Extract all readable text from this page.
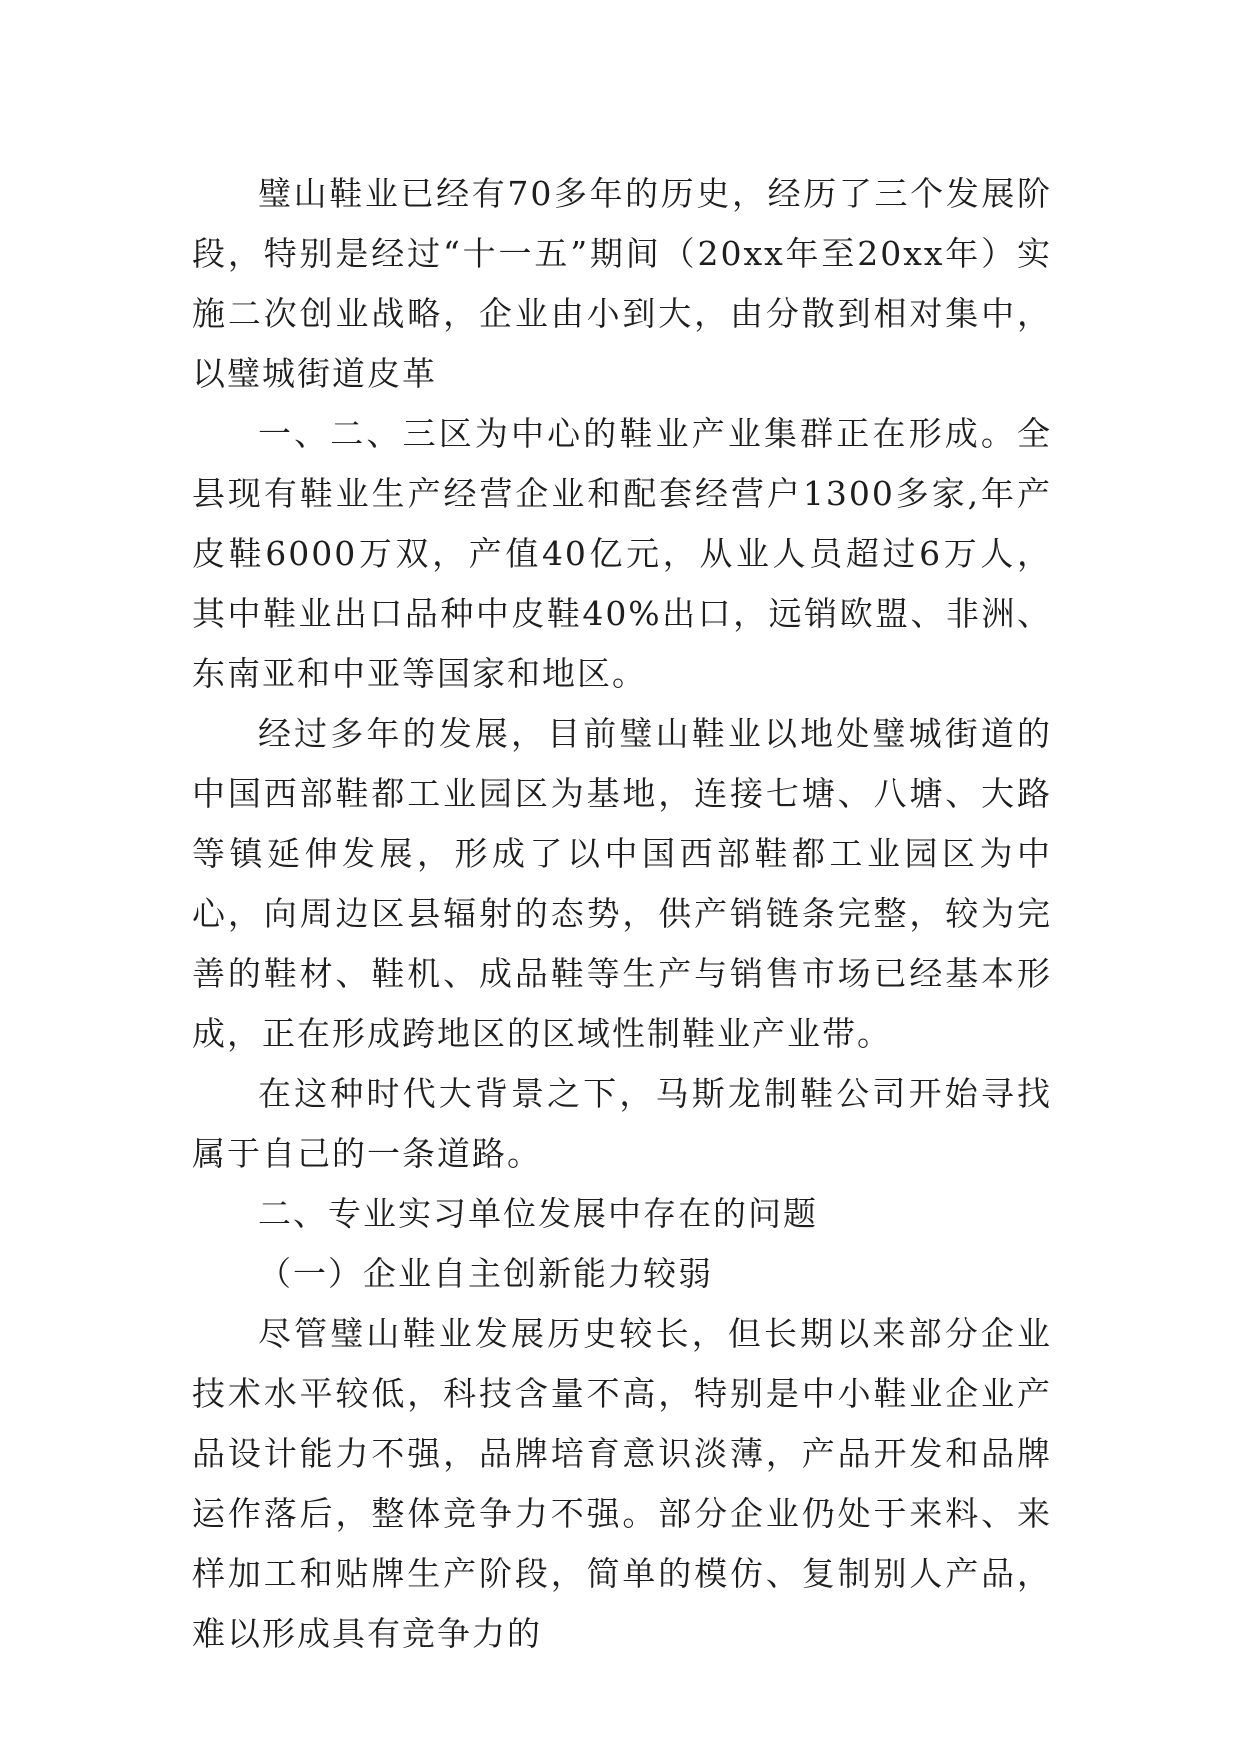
璧山鞋业已经有70多年的历史，经历了三个发展阶段，特别是经过“十一五”期间（20xx年至20xx年）实施二次创业战略，企业由小到大，由分散到相对集中，以璧城街道皮革

一、二、三区为中心的鞋业产业集群正在形成。全县现有鞋业生产经营企业和配套经营户1300多家,年产皮鞋6000万双，产值40亿元，从业人员超过6万人，其中鞋业出口品种中皮鞋40%出口，远销欧盟、非洲、东南亚和中亚等国家和地区。

经过多年的发展，目前璧山鞋业以地处璧城街道的中国西部鞋都工业园区为基地，连接七塘、八塘、大路等镇延伸发展，形成了以中国西部鞋都工业园区为中心，向周边区县辐射的态势，供产销链条完整，较为完善的鞋材、鞋机、成品鞋等生产与销售市场已经基本形成，正在形成跨地区的区域性制鞋业产业带。

在这种时代大背景之下，马斯龙制鞋公司开始寻找属于自己的一条道路。

二、专业实习单位发展中存在的问题

（一）企业自主创新能力较弱

尽管璧山鞋业发展历史较长，但长期以来部分企业技术水平较低，科技含量不高，特别是中小鞋业企业产品设计能力不强，品牌培育意识淡薄，产品开发和品牌运作落后，整体竞争力不强。部分企业仍处于来料、来样加工和贴牌生产阶段，简单的模仿、复制别人产品，难以形成具有竞争力的
